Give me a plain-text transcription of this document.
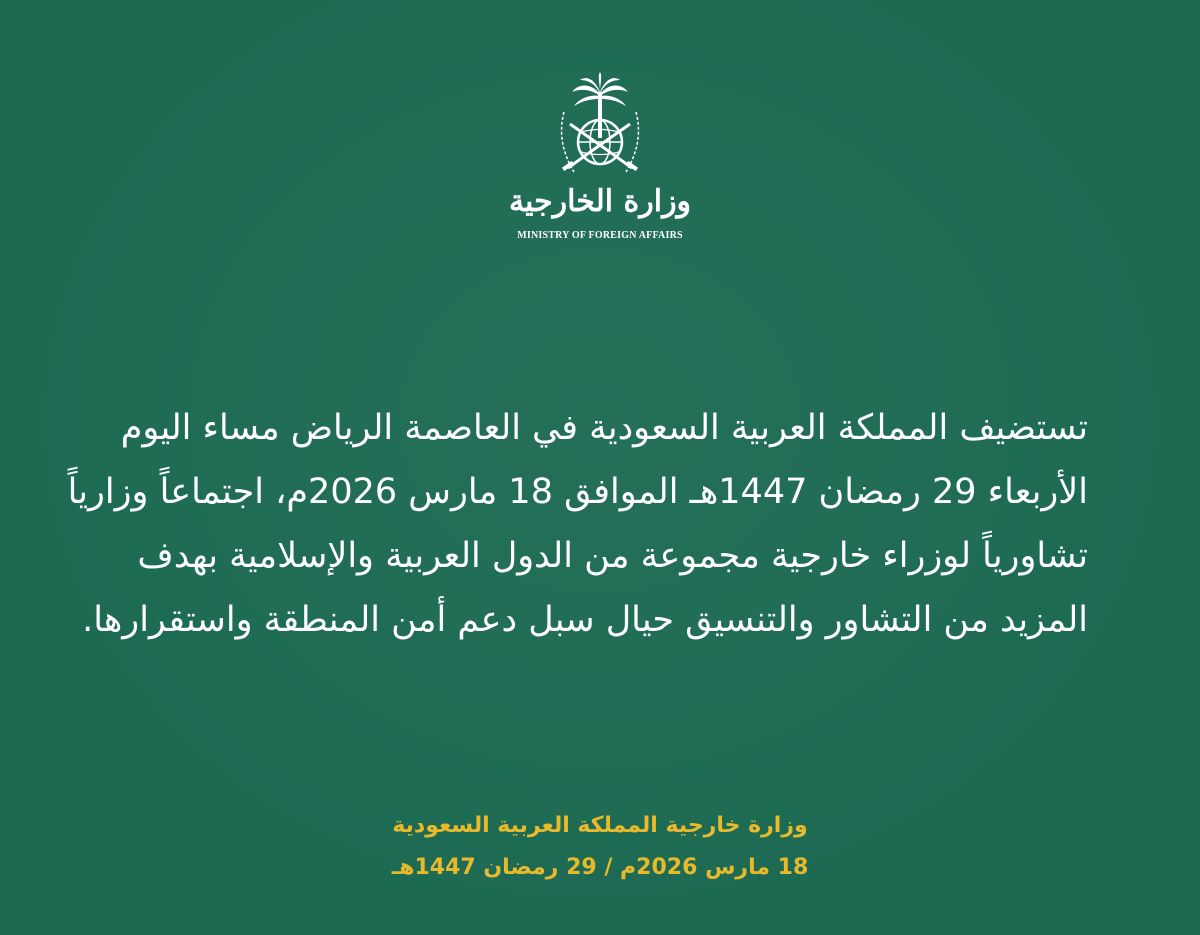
وزارة الخارجية
MINISTRY OF FOREIGN AFFAIRS
تستضيف المملكة العربية السعودية في العاصمة الرياض مساء اليوم
الأربعاء 29 رمضان 1447هـ الموافق 18 مارس 2026م، اجتماعاً وزارياً
تشاورياً لوزراء خارجية مجموعة من الدول العربية والإسلامية بهدف
المزيد من التشاور والتنسيق حيال سبل دعم أمن المنطقة واستقرارها.
وزارة خارجية المملكة العربية السعودية
18 مارس 2026م / 29 رمضان 1447هـ
